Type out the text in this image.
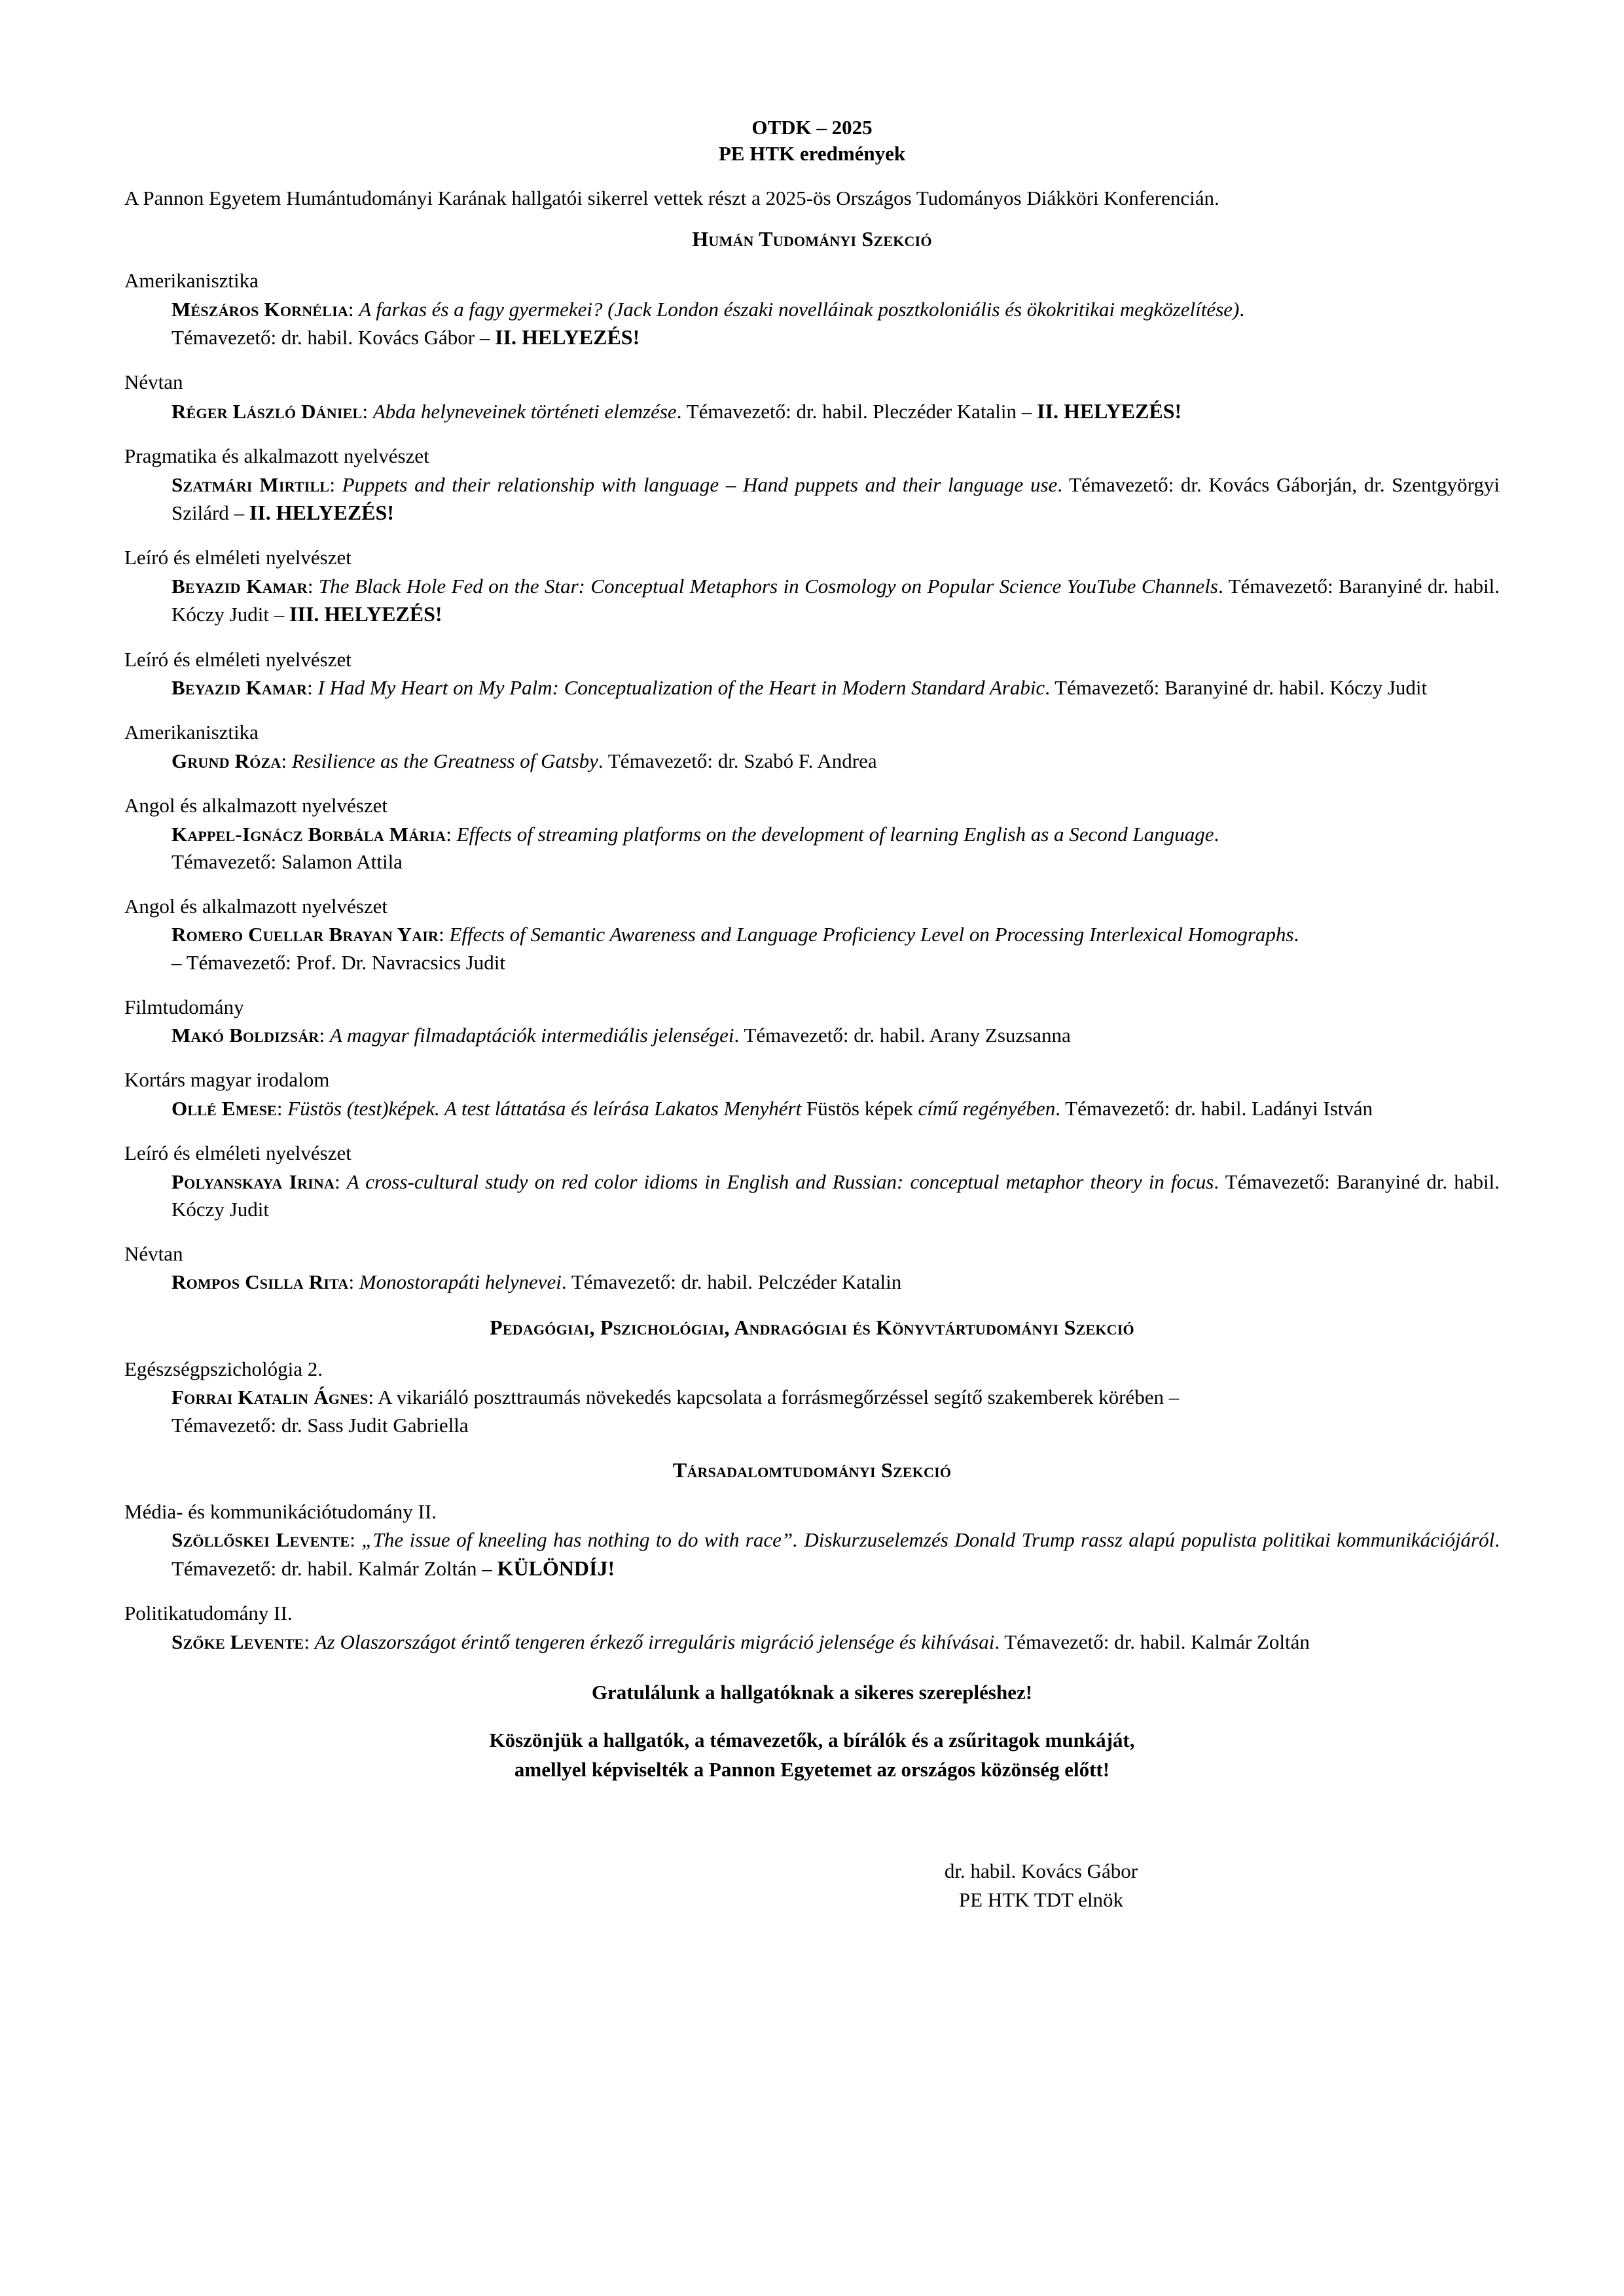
OTDK – 2025
PE HTK eredmények

A Pannon Egyetem Humántudományi Karának hallgatói sikerrel vettek részt a 2025-ös Országos Tudományos Diákköri Konferencián.

Humán Tudományi Szekció
Amerikanisztika
Mészáros Kornélia: A farkas és a fagy gyermekei? (Jack London északi novelláinak posztkoloniális és ökokritikai megközelítése).
Témavezető: dr. habil. Kovács Gábor – II. HELYEZÉS!
Névtan
Réger László Dániel: Abda helyneveinek történeti elemzése. Témavezető: dr. habil. Pleczéder Katalin – II. HELYEZÉS!
Pragmatika és alkalmazott nyelvészet
Szatmári Mirtill: Puppets and their relationship with language – Hand puppets and their language use. Témavezető: dr. Kovács Gáborján, dr. Szentgyörgyi Szilárd – II. HELYEZÉS!
Leíró és elméleti nyelvészet
Beyazid Kamar: The Black Hole Fed on the Star: Conceptual Metaphors in Cosmology on Popular Science YouTube Channels. Témavezető: Baranyiné dr. habil. Kóczy Judit – III. HELYEZÉS!
Leíró és elméleti nyelvészet
Beyazid Kamar: I Had My Heart on My Palm: Conceptualization of the Heart in Modern Standard Arabic. Témavezető: Baranyiné dr. habil. Kóczy Judit
Amerikanisztika
Grund Róza: Resilience as the Greatness of Gatsby. Témavezető: dr. Szabó F. Andrea
Angol és alkalmazott nyelvészet
Kappel-Ignácz Borbála Mária: Effects of streaming platforms on the development of learning English as a Second Language.
Témavezető: Salamon Attila
Angol és alkalmazott nyelvészet
Romero Cuellar Brayan Yair: Effects of Semantic Awareness and Language Proficiency Level on Processing Interlexical Homographs.
– Témavezető: Prof. Dr. Navracsics Judit
Filmtudomány
Makó Boldizsár: A magyar filmadaptációk intermediális jelenségei. Témavezető: dr. habil. Arany Zsuzsanna
Kortárs magyar irodalom
Ollé Emese: Füstös (test)képek. A test láttatása és leírása Lakatos Menyhért Füstös képek című regényében. Témavezető: dr. habil. Ladányi István
Leíró és elméleti nyelvészet
Polyanskaya Irina: A cross-cultural study on red color idioms in English and Russian: conceptual metaphor theory in focus. Témavezető: Baranyiné dr. habil. Kóczy Judit
Névtan
Rompos Csilla Rita: Monostorapáti helynevei. Témavezető: dr. habil. Pelczéder Katalin
Pedagógiai, Pszichológiai, Andragógiai és Könyvtártudományi Szekció
Egészségpszichológia 2.
Forrai Katalin Ágnes: A vikariáló poszttraumás növekedés kapcsolata a forrásmegőrzéssel segítő szakemberek körében –
Témavezető: dr. Sass Judit Gabriella
Társadalomtudományi Szekció
Média- és kommunikációtudomány II.
Szöllőskei Levente: „The issue of kneeling has nothing to do with race”. Diskurzuselemzés Donald Trump rassz alapú populista politikai kommunikációjáról. Témavezető: dr. habil. Kalmár Zoltán – KÜLÖNDÍJ!
Politikatudomány II.
Szőke Levente: Az Olaszországot érintő tengeren érkező irreguláris migráció jelensége és kihívásai. Témavezető: dr. habil. Kalmár Zoltán
Gratulálunk a hallgatóknak a sikeres szerepléshez!
Köszönjük a hallgatók, a témavezetők, a bírálók és a zsűritagok munkáját,
amellyel képviselték a Pannon Egyetemet az országos közönség előtt!
dr. habil. Kovács Gábor
PE HTK TDT elnök
